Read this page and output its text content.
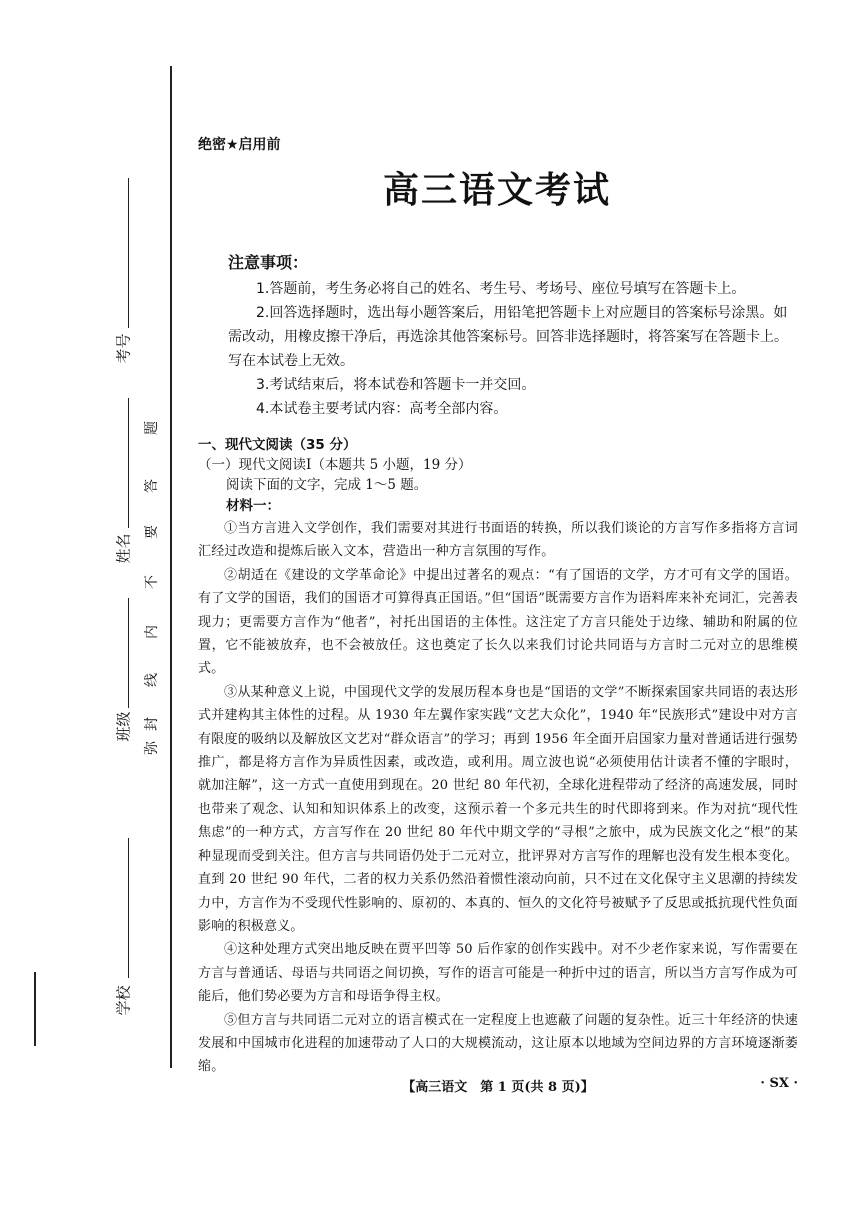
考号
姓名
班级
学校
题
答
要
不
内
线
封
弥
绝密★启用前
高三语文考试
注意事项：

1.答题前，考生务必将自己的姓名、考生号、考场号、座位号填写在答题卡上。

2.回答选择题时，选出每小题答案后，用铅笔把答题卡上对应题目的答案标号涂黑。如需改动，用橡皮擦干净后，再选涂其他答案标号。回答非选择题时，将答案写在答题卡上。写在本试卷上无效。

3.考试结束后，将本试卷和答题卡一并交回。

4.本试卷主要考试内容：高考全部内容。

一、现代文阅读（35 分）
（一）现代文阅读Ⅰ（本题共 5 小题，19 分）
阅读下面的文字，完成 1～5 题。
材料一：

①当方言进入文学创作，我们需要对其进行书面语的转换，所以我们谈论的方言写作多指将方言词汇经过改造和提炼后嵌入文本，营造出一种方言氛围的写作。

②胡适在《建设的文学革命论》中提出过著名的观点：“有了国语的文学，方才可有文学的国语。有了文学的国语，我们的国语才可算得真正国语。”但“国语”既需要方言作为语料库来补充词汇，完善表现力；更需要方言作为“他者”，衬托出国语的主体性。这注定了方言只能处于边缘、辅助和附属的位置，它不能被放弃，也不会被放任。这也奠定了长久以来我们讨论共同语与方言时二元对立的思维模式。

③从某种意义上说，中国现代文学的发展历程本身也是“国语的文学”不断探索国家共同语的表达形式并建构其主体性的过程。从 1930 年左翼作家实践“文艺大众化”，1940 年“民族形式”建设中对方言有限度的吸纳以及解放区文艺对“群众语言”的学习；再到 1956 年全面开启国家力量对普通话进行强势推广，都是将方言作为异质性因素，或改造，或利用。周立波也说“必须使用估计读者不懂的字眼时，就加注解”，这一方式一直使用到现在。20 世纪 80 年代初，全球化进程带动了经济的高速发展，同时也带来了观念、认知和知识体系上的改变，这预示着一个多元共生的时代即将到来。作为对抗“现代性焦虑”的一种方式，方言写作在 20 世纪 80 年代中期文学的“寻根”之旅中，成为民族文化之“根”的某种显现而受到关注。但方言与共同语仍处于二元对立，批评界对方言写作的理解也没有发生根本变化。直到 20 世纪 90 年代，二者的权力关系仍然沿着惯性滚动向前，只不过在文化保守主义思潮的持续发力中，方言作为不受现代性影响的、原初的、本真的、恒久的文化符号被赋予了反思或抵抗现代性负面影响的积极意义。

④这种处理方式突出地反映在贾平凹等 50 后作家的创作实践中。对不少老作家来说，写作需要在方言与普通话、母语与共同语之间切换，写作的语言可能是一种折中过的语言，所以当方言写作成为可能后，他们势必要为方言和母语争得主权。

⑤但方言与共同语二元对立的语言模式在一定程度上也遮蔽了问题的复杂性。近三十年经济的快速发展和中国城市化进程的加速带动了人口的大规模流动，这让原本以地域为空间边界的方言环境逐渐萎缩。

【高三语文　第 1 页(共 8 页)】	· SX ·
